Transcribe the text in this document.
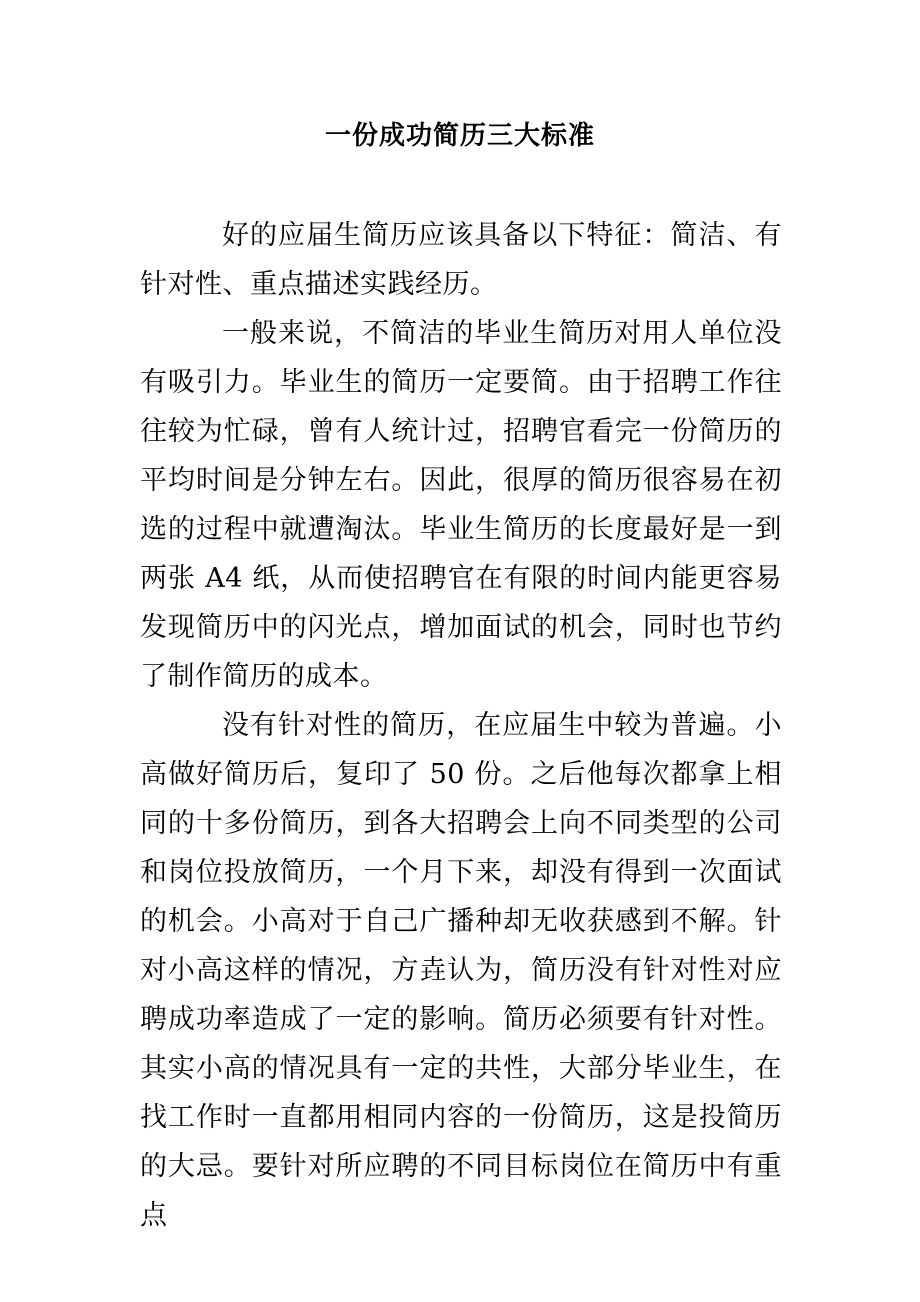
一份成功简历三大标准

好的应届生简历应该具备以下特征：简洁、有针对性、重点描述实践经历。

一般来说，不简洁的毕业生简历对用人单位没有吸引力。毕业生的简历一定要简。由于招聘工作往往较为忙碌，曾有人统计过，招聘官看完一份简历的平均时间是分钟左右。因此，很厚的简历很容易在初选的过程中就遭淘汰。毕业生简历的长度最好是一到两张 A4 纸，从而使招聘官在有限的时间内能更容易发现简历中的闪光点，增加面试的机会，同时也节约了制作简历的成本。

没有针对性的简历，在应届生中较为普遍。小高做好简历后，复印了 50 份。之后他每次都拿上相同的十多份简历，到各大招聘会上向不同类型的公司和岗位投放简历，一个月下来，却没有得到一次面试的机会。小高对于自己广播种却无收获感到不解。针对小高这样的情况，方垚认为，简历没有针对性对应聘成功率造成了一定的影响。简历必须要有针对性。其实小高的情况具有一定的共性，大部分毕业生，在找工作时一直都用相同内容的一份简历，这是投简历的大忌。要针对所应聘的不同目标岗位在简历中有重点
